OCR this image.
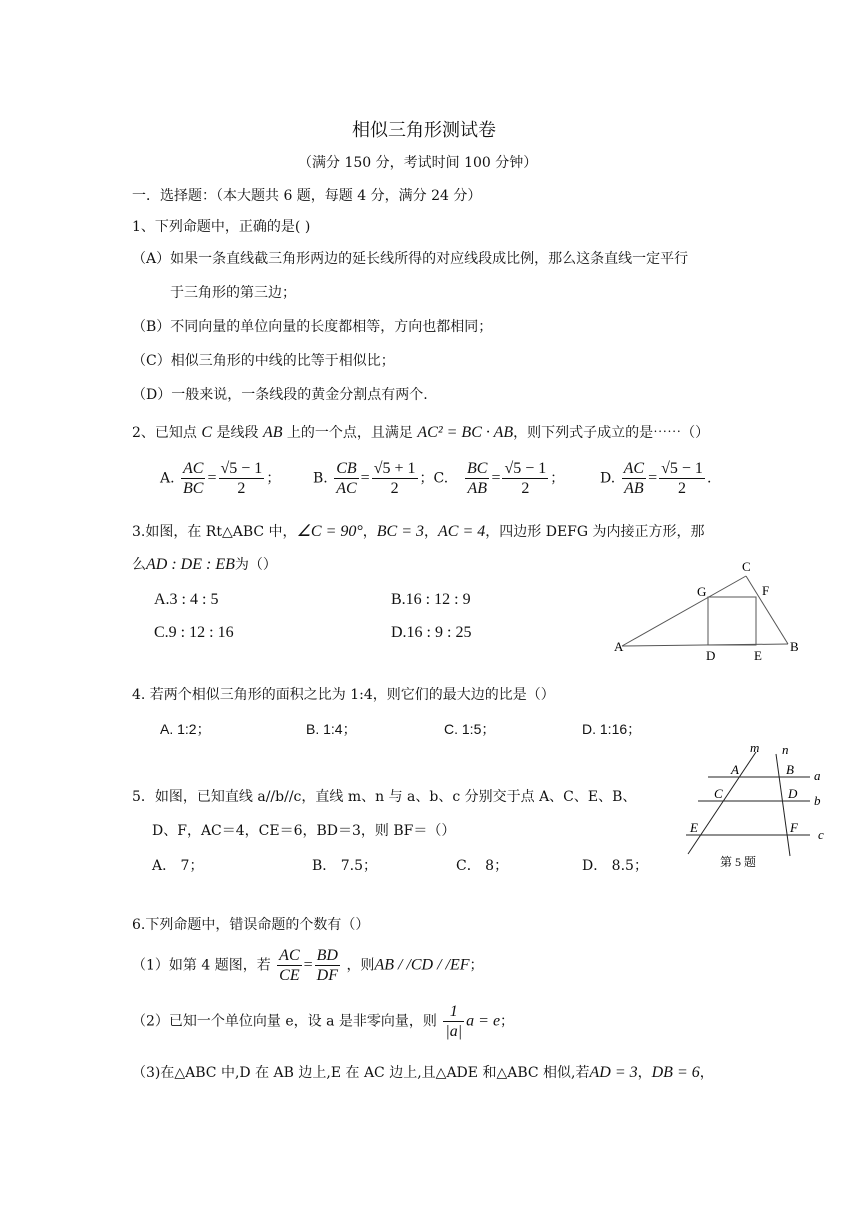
相似三角形测试卷
（满分 150 分，考试时间 100 分钟）
一．选择题：（本大题共 6 题，每题 4 分，满分 24 分）
1、下列命题中，正确的是( )
（A）如果一条直线截三角形两边的延长线所得的对应线段成比例，那么这条直线一定平行
于三角形的第三边；
（B）不同向量的单位向量的长度都相等，方向也都相同；
（C）相似三角形的中线的比等于相似比；
（D）一般来说，一条线段的黄金分割点有两个.
2、已知点 C 是线段 AB 上的一个点，且满足 AC² = BC · AB，则下列式子成立的是⋯⋯（）
A. $\frac{AC}{BC} = \frac{√5 - 1}{2}$ ； B. $\frac{CB}{AC} = \frac{√5 + 1}{2}$ ；C. $\frac{BC}{AB} = \frac{√5 - 1}{2}$ ；	D. $\frac{AC}{AB} = \frac{√5 - 1}{2}$ .
3.如图，在 Rt△ABC 中，∠C = 90°，BC = 3，AC = 4，四边形 DEFG 为内接正方形，那
么AD : DE : EB为（）
A.3 : 4 : 5	B.16 : 12 : 9
C.9 : 12 : 16	D.16 : 9 : 25
A	B
C
D	E
F
G
4. 若两个相似三角形的面积之比为 1:4，则它们的最大边的比是（）
A. 1:2；	B. 1:4；	C. 1:5；	D. 1:16；
5．如图，已知直线 a//b//c，直线 m、n 与 a、b、c 分别交于点 A、C、E、B、
D、F，AC＝4，CE＝6，BD＝3，则 BF＝（）
A． 7；	B． 7.5；	C． 8；	D． 8.5；
m n
a
b
c
A	B
C	D
E	F
第 5 题
6.下列命题中，错误命题的个数有（）
（1）如第 4 题图，若 $\frac{AC}{CE} = \frac{BD}{DF}$ ，则AB / /CD / /EF；
（2）已知一个单位向量 e，设 a 是非零向量，则 $\frac{1}{|a|}$ a = e；
（3)在△ABC 中,D 在 AB 边上,E 在 AC 边上,且△ADE 和△ABC 相似,若AD = 3，DB = 6，
